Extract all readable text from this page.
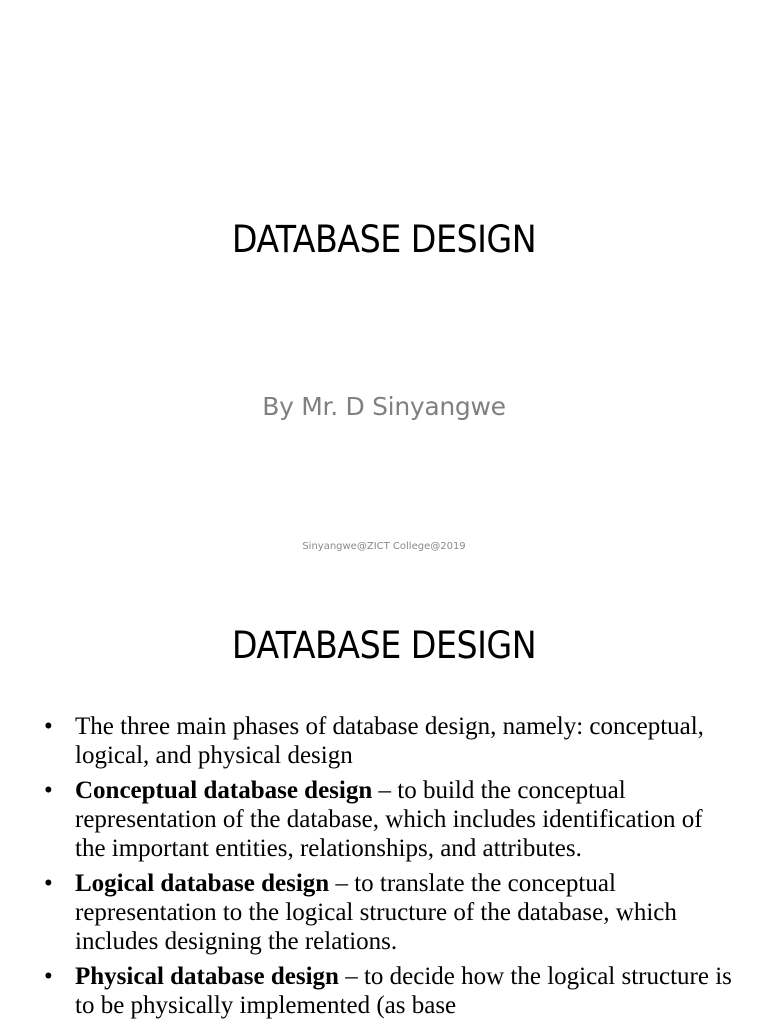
DATABASE DESIGN
By Mr. D Sinyangwe
Sinyangwe@ZICT College@2019
DATABASE DESIGN
• The three main phases of database design, namely: conceptual, logical, and physical design
• Conceptual database design – to build the conceptual representation of the database, which includes identification of the important entities, relationships, and attributes.
• Logical database design – to translate the conceptual representation to the logical structure of the database, which includes designing the relations.
• Physical database design – to decide how the logical structure is to be physically implemented (as base
